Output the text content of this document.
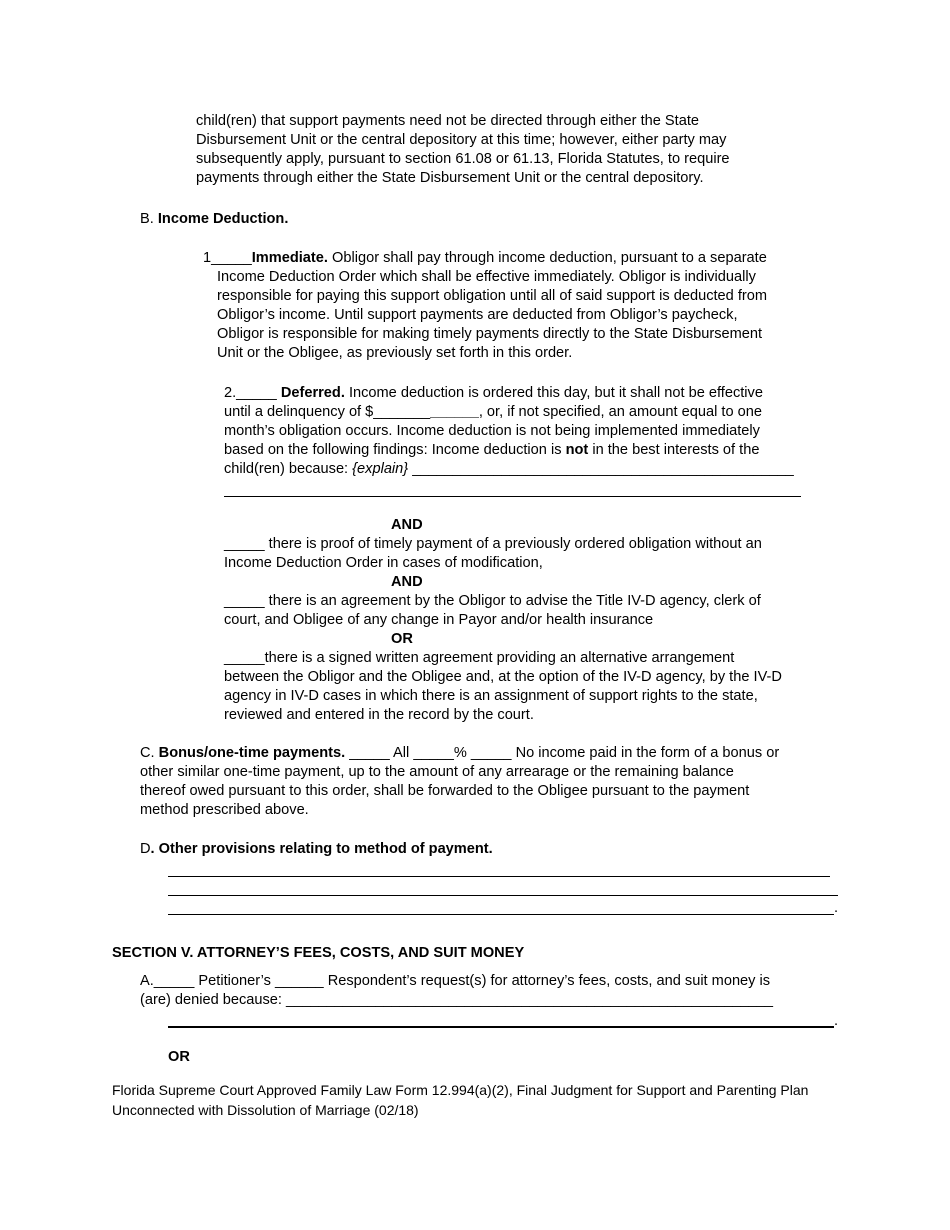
child(ren) that support payments need not be directed through either the State
Disbursement Unit or the central depository at this time; however, either party may
subsequently apply, pursuant to section 61.08 or 61.13, Florida Statutes, to require
payments through either the State Disbursement Unit or the central depository.
B. Income Deduction.
1_____Immediate. Obligor shall pay through income deduction, pursuant to a separate
Income Deduction Order which shall be effective immediately. Obligor is individually
responsible for paying this support obligation until all of said support is deducted from
Obligor’s income. Until support payments are deducted from Obligor’s paycheck,
Obligor is responsible for making timely payments directly to the State Disbursement
Unit or the Obligee, as previously set forth in this order.
2._____ Deferred. Income deduction is ordered this day, but it shall not be effective
until a delinquency of $_____________, or, if not specified, an amount equal to one
month’s obligation occurs. Income deduction is not being implemented immediately
based on the following findings: Income deduction is not in the best interests of the
child(ren) because: {explain} _______________________________________________
AND
_____ there is proof of timely payment of a previously ordered obligation without an
Income Deduction Order in cases of modification,
AND
_____ there is an agreement by the Obligor to advise the Title IV-D agency, clerk of
court, and Obligee of any change in Payor and/or health insurance
OR
_____there is a signed written agreement providing an alternative arrangement
between the Obligor and the Obligee and, at the option of the IV-D agency, by the IV-D
agency in IV-D cases in which there is an assignment of support rights to the state,
reviewed and entered in the record by the court.
C. Bonus/one-time payments. _____ All _____% _____ No income paid in the form of a bonus or
other similar one-time payment, up to the amount of any arrearage or the remaining balance
thereof owed pursuant to this order, shall be forwarded to the Obligee pursuant to the payment
method prescribed above.
D. Other provisions relating to method of payment.
.
SECTION V. ATTORNEY’S FEES, COSTS, AND SUIT MONEY
A._____ Petitioner’s ______ Respondent’s request(s) for attorney’s fees, costs, and suit money is
(are) denied because: ____________________________________________________________
.
OR
Florida Supreme Court Approved Family Law Form 12.994(a)(2), Final Judgment for Support and Parenting Plan
Unconnected with Dissolution of Marriage (02/18)
